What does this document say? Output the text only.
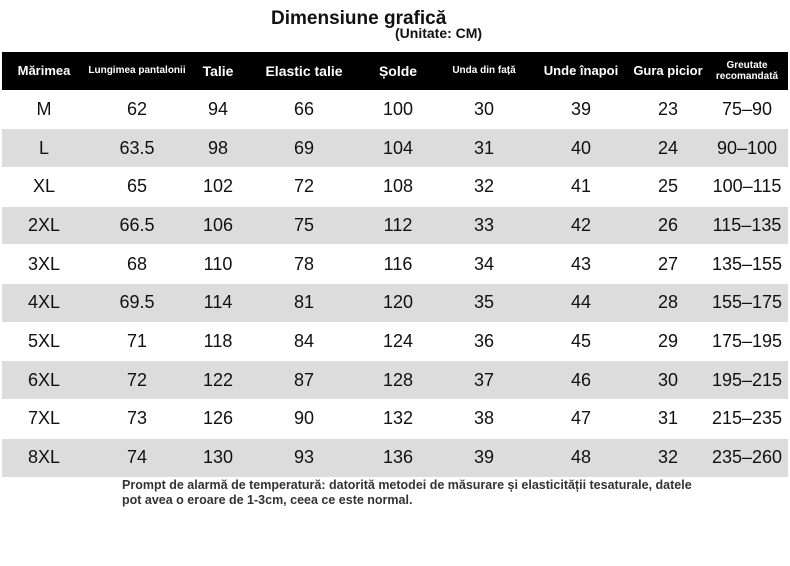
Dimensiune grafică
(Unitate: CM)
Mărimea	Lungimea pantalonii	Talie	Elastic talie	Șolde	Unda din față	Unde înapoi	Gura picior	Greutate recomandată
M	62	94	66	100	30	39	23	75–90
L	63.5	98	69	104	31	40	24	90–100
XL	65	102	72	108	32	41	25	100–115
2XL	66.5	106	75	112	33	42	26	115–135
3XL	68	110	78	116	34	43	27	135–155
4XL	69.5	114	81	120	35	44	28	155–175
5XL	71	118	84	124	36	45	29	175–195
6XL	72	122	87	128	37	46	30	195–215
7XL	73	126	90	132	38	47	31	215–235
8XL	74	130	93	136	39	48	32	235–260
Prompt de alarmă de temperatură: datorită metodei de măsurare și elasticității tesaturale, datele pot avea o eroare de 1-3cm, ceea ce este normal.
